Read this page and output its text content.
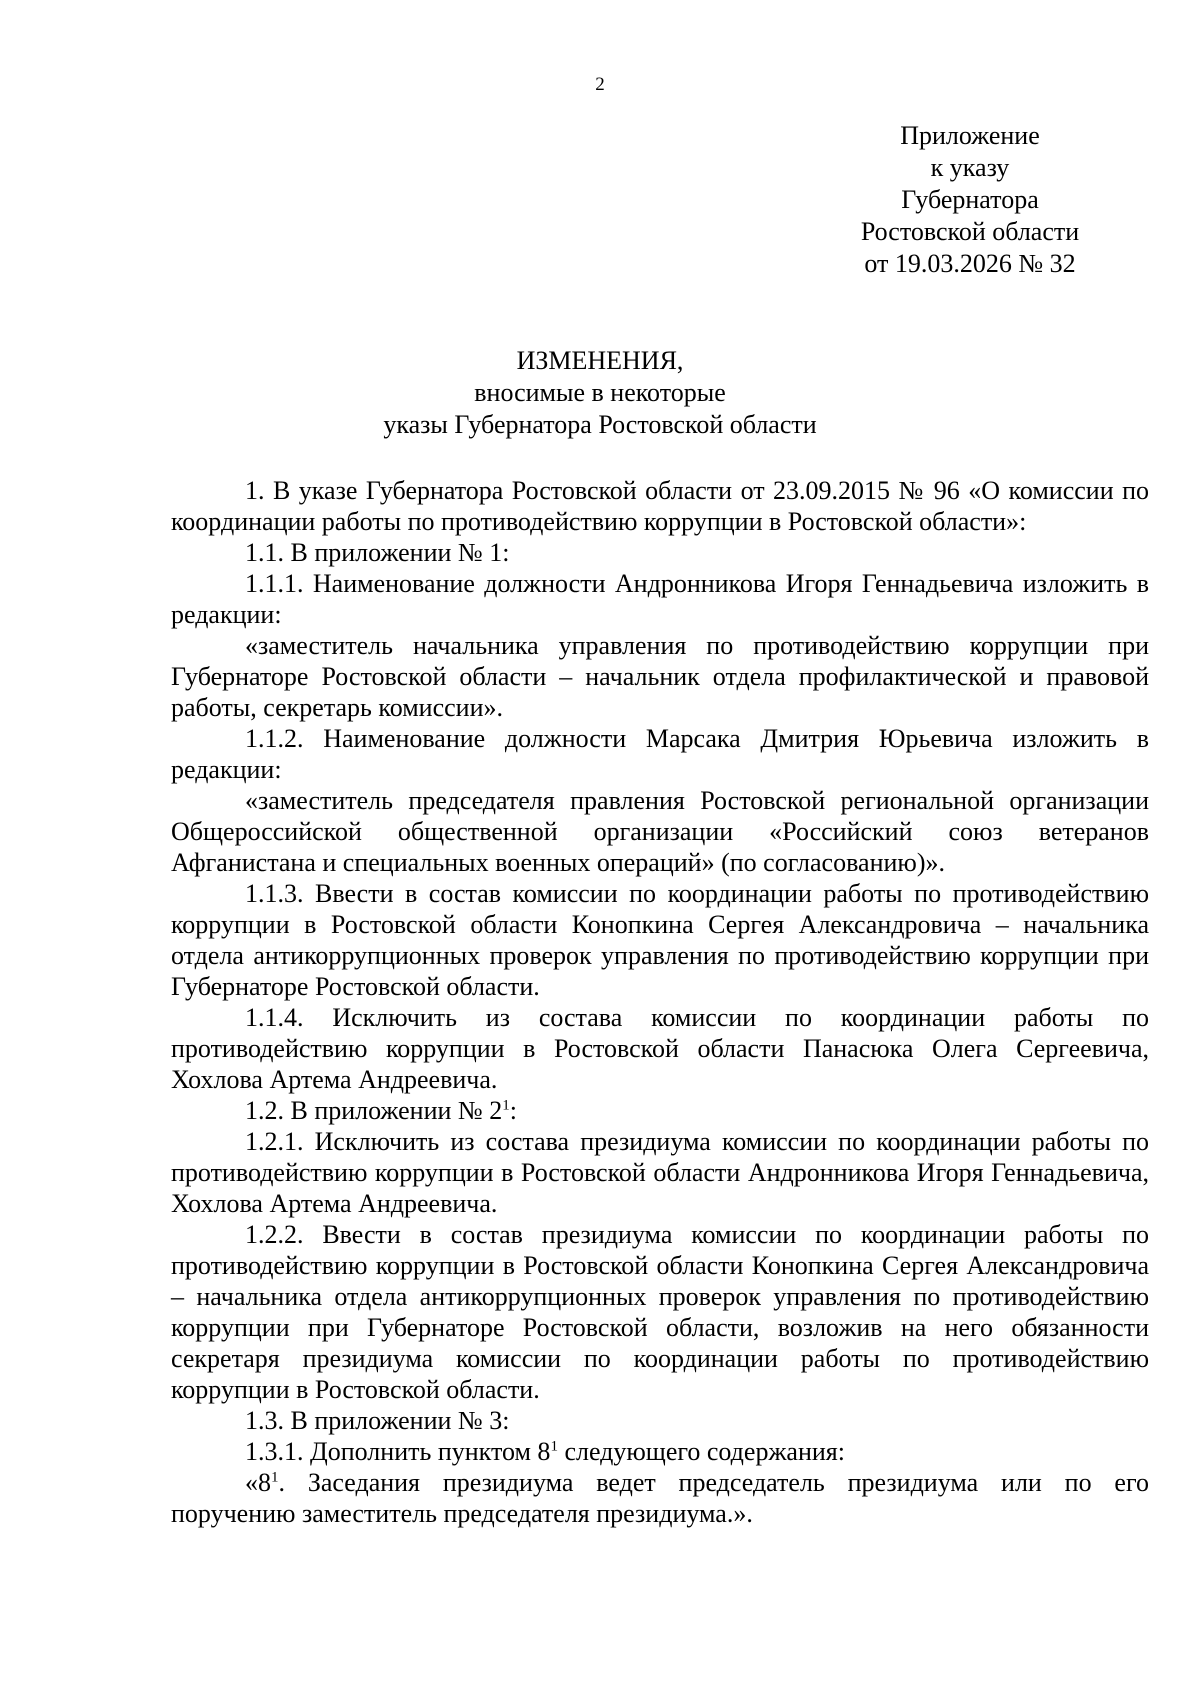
2
Приложение
к указу
Губернатора
Ростовской области
от 19.03.2026 № 32
ИЗМЕНЕНИЯ,
вносимые в некоторые
указы Губернатора Ростовской области

1. В указе Губернатора Ростовской области от 23.09.2015 № 96 «О комиссии по координации работы по противодействию коррупции в Ростовской области»:

1.1. В приложении № 1:

1.1.1. Наименование должности Андронникова Игоря Геннадьевича изложить в редакции:

«заместитель начальника управления по противодействию коррупции при Губернаторе Ростовской области – начальник отдела профилактической и правовой работы, секретарь комиссии».

1.1.2. Наименование должности Марсака Дмитрия Юрьевича изложить в редакции:

«заместитель председателя правления Ростовской региональной организации Общероссийской общественной организации «Российский союз ветеранов Афганистана и специальных военных операций» (по согласованию)».

1.1.3. Ввести в состав комиссии по координации работы по противодействию коррупции в Ростовской области Конопкина Сергея Александровича – начальника отдела антикоррупционных проверок управления по противодействию коррупции при Губернаторе Ростовской области.

1.1.4. Исключить из состава комиссии по координации работы по противодействию коррупции в Ростовской области Панасюка Олега Сергеевича, Хохлова Артема Андреевича.

1.2. В приложении № $2^1$:

1.2.1. Исключить из состава президиума комиссии по координации работы по противодействию коррупции в Ростовской области Андронникова Игоря Геннадьевича, Хохлова Артема Андреевича.

1.2.2. Ввести в состав президиума комиссии по координации работы по противодействию коррупции в Ростовской области Конопкина Сергея Александровича – начальника отдела антикоррупционных проверок управления по противодействию коррупции при Губернаторе Ростовской области, возложив на него обязанности секретаря президиума комиссии по координации работы по противодействию коррупции в Ростовской области.

1.3. В приложении № 3:

1.3.1. Дополнить пунктом $8^1$ следующего содержания:

«$8^1$. Заседания президиума ведет председатель президиума или по его поручению заместитель председателя президиума.».
